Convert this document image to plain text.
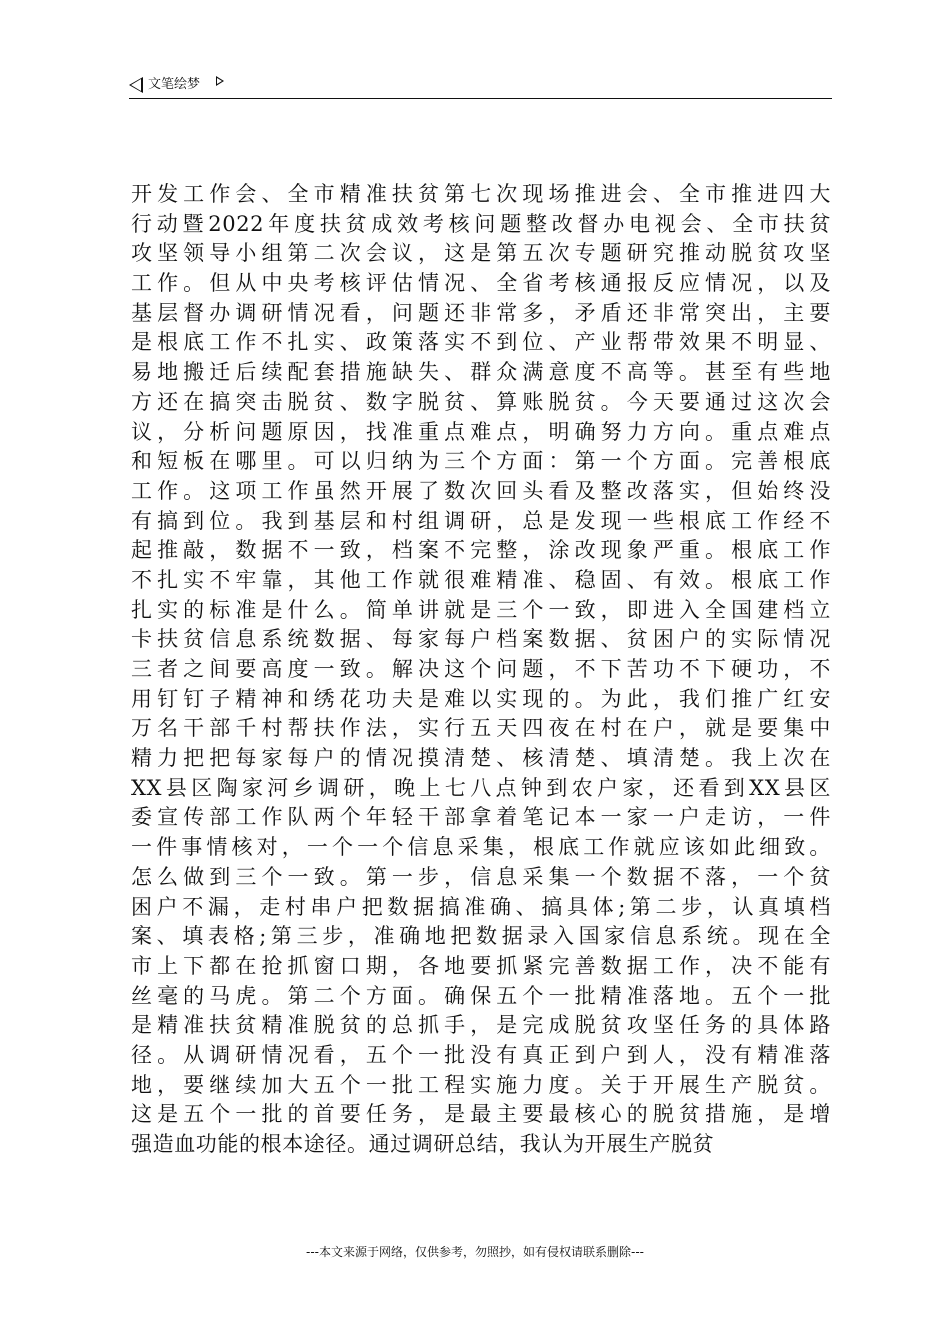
文笔绘梦
开发工作会、全市精准扶贫第七次现场推进会、全市推进四大
行动暨2022年度扶贫成效考核问题整改督办电视会、全市扶贫
攻坚领导小组第二次会议，这是第五次专题研究推动脱贫攻坚
工作。但从中央考核评估情况、全省考核通报反应情况，以及
基层督办调研情况看，问题还非常多，矛盾还非常突出，主要
是根底工作不扎实、政策落实不到位、产业帮带效果不明显、
易地搬迁后续配套措施缺失、群众满意度不高等。甚至有些地
方还在搞突击脱贫、数字脱贫、算账脱贫。今天要通过这次会
议，分析问题原因，找准重点难点，明确努力方向。重点难点
和短板在哪里。可以归纳为三个方面：第一个方面。完善根底
工作。这项工作虽然开展了数次回头看及整改落实，但始终没
有搞到位。我到基层和村组调研，总是发现一些根底工作经不
起推敲，数据不一致，档案不完整，涂改现象严重。根底工作
不扎实不牢靠，其他工作就很难精准、稳固、有效。根底工作
扎实的标准是什么。简单讲就是三个一致，即进入全国建档立
卡扶贫信息系统数据、每家每户档案数据、贫困户的实际情况
三者之间要高度一致。解决这个问题，不下苦功不下硬功，不
用钉钉子精神和绣花功夫是难以实现的。为此，我们推广红安
万名干部千村帮扶作法，实行五天四夜在村在户，就是要集中
精力把把每家每户的情况摸清楚、核清楚、填清楚。我上次在
XX县区陶家河乡调研，晚上七八点钟到农户家，还看到XX县区
委宣传部工作队两个年轻干部拿着笔记本一家一户走访，一件
一件事情核对，一个一个信息采集，根底工作就应该如此细致。
怎么做到三个一致。第一步，信息采集一个数据不落，一个贫
困户不漏，走村串户把数据搞准确、搞具体;第二步，认真填档
案、填表格;第三步，准确地把数据录入国家信息系统。现在全
市上下都在抢抓窗口期，各地要抓紧完善数据工作，决不能有
丝毫的马虎。第二个方面。确保五个一批精准落地。五个一批
是精准扶贫精准脱贫的总抓手，是完成脱贫攻坚任务的具体路
径。从调研情况看，五个一批没有真正到户到人，没有精准落
地，要继续加大五个一批工程实施力度。关于开展生产脱贫。
这是五个一批的首要任务，是最主要最核心的脱贫措施，是增
强造血功能的根本途径。通过调研总结，我认为开展生产脱贫
---本文来源于网络，仅供参考，勿照抄，如有侵权请联系删除---
